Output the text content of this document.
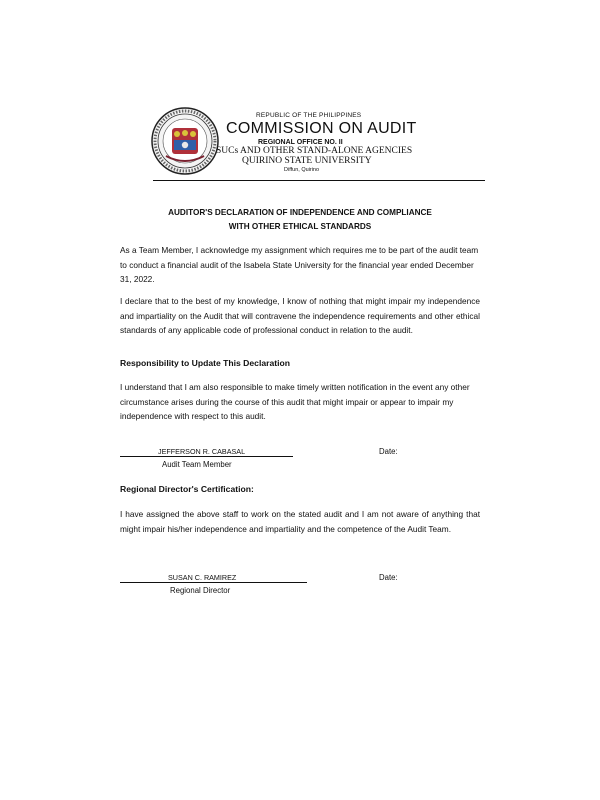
REPUBLIC OF THE PHILIPPINES
COMMISSION ON AUDIT
REGIONAL OFFICE NO. II
SUCs AND OTHER STAND-ALONE AGENCIES
QUIRINO STATE UNIVERSITY
Diffun, Quirino
AUDITOR'S DECLARATION OF INDEPENDENCE AND COMPLIANCE
WITH OTHER ETHICAL STANDARDS
As a Team Member, I acknowledge my assignment which requires me to be part of the audit team to conduct a financial audit of the Isabela State University for the financial year ended December 31, 2022.
I declare that to the best of my knowledge, I know of nothing that might impair my independence and impartiality on the Audit that will contravene the independence requirements and other ethical standards of any applicable code of professional conduct in relation to the audit.
Responsibility to Update This Declaration
I understand that I am also responsible to make timely written notification in the event any other circumstance arises during the course of this audit that might impair or appear to impair my independence with respect to this audit.
JEFFERSON R. CABASAL
Audit Team Member
Date:
Regional Director's Certification:
I have assigned the above staff to work on the stated audit and I am not aware of anything that might impair his/her independence and impartiality and the competence of the Audit Team.
SUSAN C. RAMIREZ
Regional Director
Date:
